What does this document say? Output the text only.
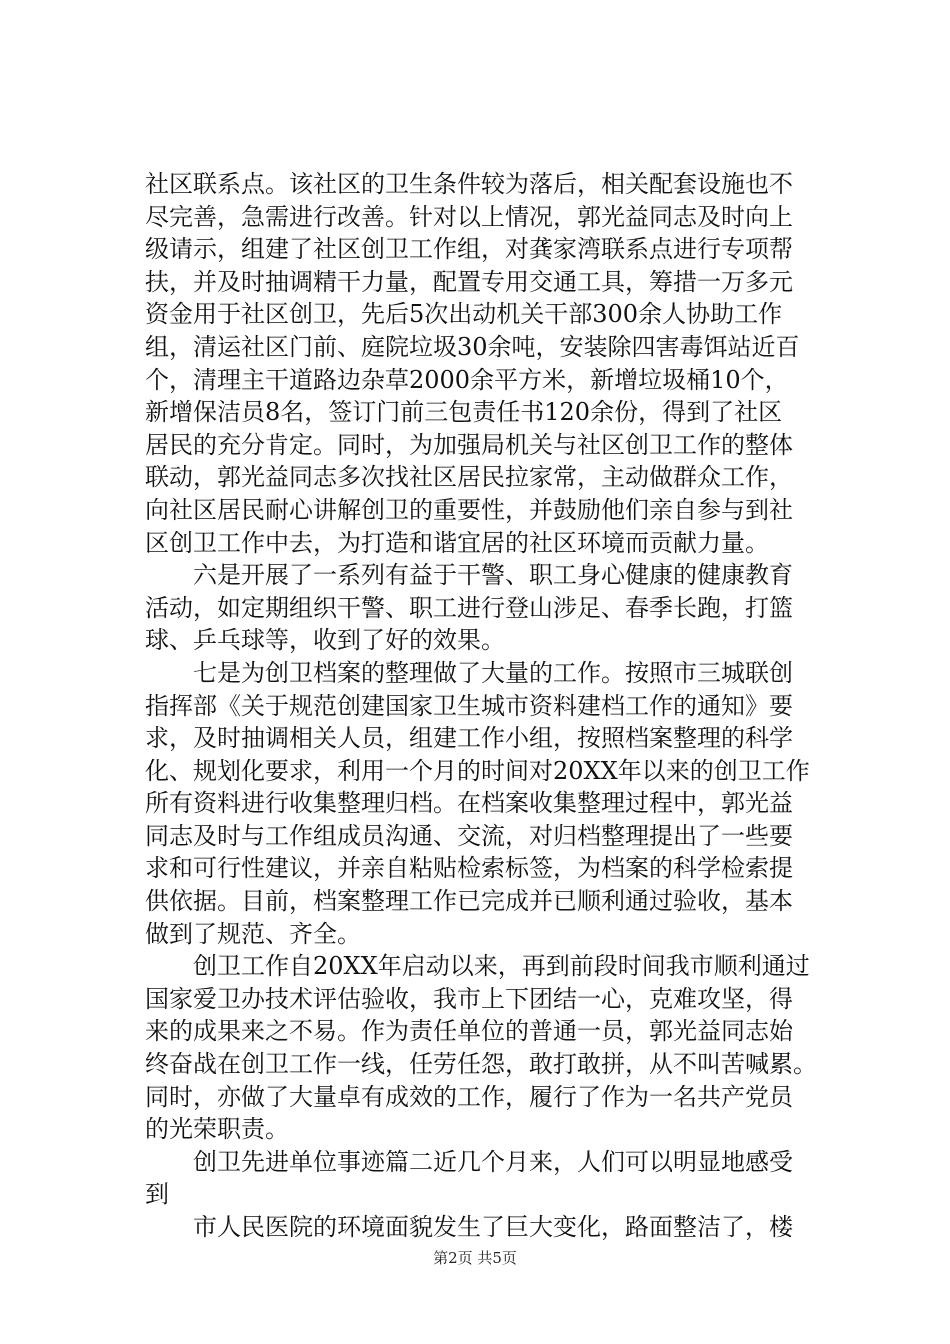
社区联系点。该社区的卫生条件较为落后，相关配套设施也不
尽完善，急需进行改善。针对以上情况，郭光益同志及时向上
级请示，组建了社区创卫工作组，对龚家湾联系点进行专项帮
扶，并及时抽调精干力量，配置专用交通工具，筹措一万多元
资金用于社区创卫，先后5次出动机关干部300余人协助工作
组，清运社区门前、庭院垃圾30余吨，安装除四害毒饵站近百
个，清理主干道路边杂草2000余平方米，新增垃圾桶10个，
新增保洁员8名，签订门前三包责任书120余份，得到了社区
居民的充分肯定。同时，为加强局机关与社区创卫工作的整体
联动，郭光益同志多次找社区居民拉家常，主动做群众工作，
向社区居民耐心讲解创卫的重要性，并鼓励他们亲自参与到社
区创卫工作中去，为打造和谐宜居的社区环境而贡献力量。
　　六是开展了一系列有益于干警、职工身心健康的健康教育
活动，如定期组织干警、职工进行登山涉足、春季长跑，打篮
球、乒乓球等，收到了好的效果。
　　七是为创卫档案的整理做了大量的工作。按照市三城联创
指挥部《关于规范创建国家卫生城市资料建档工作的通知》要
求，及时抽调相关人员，组建工作小组，按照档案整理的科学
化、规划化要求，利用一个月的时间对20XX年以来的创卫工作
所有资料进行收集整理归档。在档案收集整理过程中，郭光益
同志及时与工作组成员沟通、交流，对归档整理提出了一些要
求和可行性建议，并亲自粘贴检索标签，为档案的科学检索提
供依据。目前，档案整理工作已完成并已顺利通过验收，基本
做到了规范、齐全。
　　创卫工作自20XX年启动以来，再到前段时间我市顺利通过
国家爱卫办技术评估验收，我市上下团结一心，克难攻坚，得
来的成果来之不易。作为责任单位的普通一员，郭光益同志始
终奋战在创卫工作一线，任劳任怨，敢打敢拼，从不叫苦喊累。
同时，亦做了大量卓有成效的工作，履行了作为一名共产党员
的光荣职责。
　　创卫先进单位事迹篇二近几个月来，人们可以明显地感受
到
　　市人民医院的环境面貌发生了巨大变化，路面整洁了，楼
第2页 共5页
